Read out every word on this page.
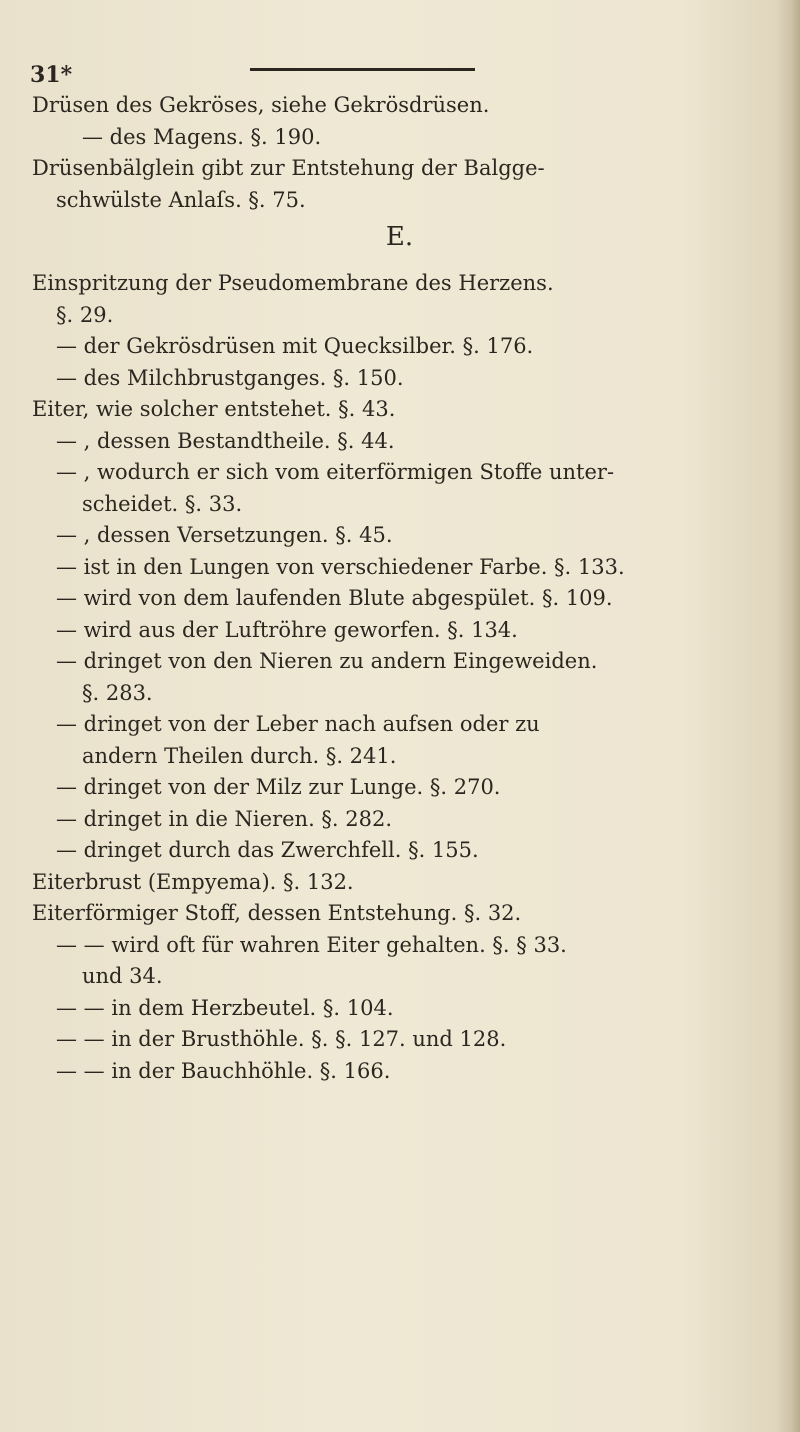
31*
Drüsen des Gekröses, siehe Gekrösdrüsen.
— des Magens. §. 190.
Drüsenbälglein gibt zur Entstehung der Balgge-
schwülste Anlaſs. §. 75.
E.
Einspritzung der Pseudomembrane des Herzens.
§. 29.
— der Gekrösdrüsen mit Quecksilber. §. 176.
— des Milchbrustganges. §. 150.
Eiter, wie solcher entstehet. §. 43.
— , dessen Bestandtheile. §. 44.
— , wodurch er sich vom eiterförmigen Stoffe unter-
scheidet. §. 33.
— , dessen Versetzungen. §. 45.
— ist in den Lungen von verschiedener Farbe. §. 133.
— wird von dem laufenden Blute abgespület. §. 109.
— wird aus der Luftröhre geworfen. §. 134.
— dringet von den Nieren zu andern Eingeweiden.
§. 283.
— dringet von der Leber nach aufsen oder zu
andern Theilen durch. §. 241.
— dringet von der Milz zur Lunge. §. 270.
— dringet in die Nieren. §. 282.
— dringet durch das Zwerchfell. §. 155.
Eiterbrust (Empyema). §. 132.
Eiterförmiger Stoff, dessen Entstehung. §. 32.
— — wird oft für wahren Eiter gehalten. §. § 33.
und 34.
— — in dem Herzbeutel. §. 104.
— — in der Brusthöhle. §. §. 127. und 128.
— — in der Bauchhöhle. §. 166.
